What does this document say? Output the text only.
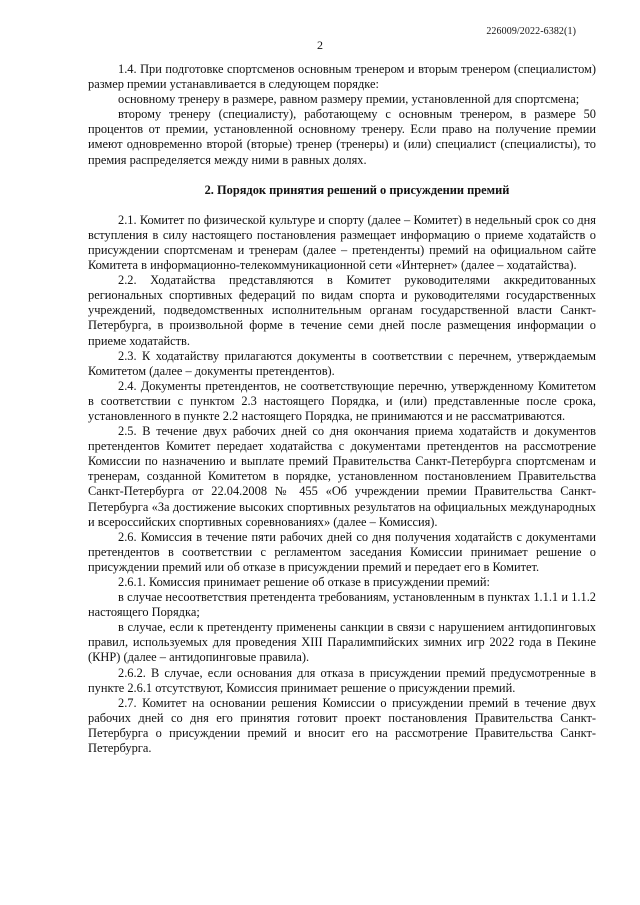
226009/2022-6382(1)
2

1.4. При подготовке спортсменов основным тренером и вторым тренером (специалистом) размер премии устанавливается в следующем порядке:

основному тренеру в размере, равном размеру премии, установленной для спортсмена;

второму тренеру (специалисту), работающему с основным тренером, в размере 50 процентов от премии, установленной основному тренеру. Если право на получение премии имеют одновременно второй (вторые) тренер (тренеры) и (или) специалист (специалисты), то премия распределяется между ними в равных долях.

2. Порядок принятия решений о присуждении премий

2.1. Комитет по физической культуре и спорту (далее – Комитет) в недельный срок со дня вступления в силу настоящего постановления размещает информацию о приеме ходатайств о присуждении спортсменам и тренерам (далее – претенденты) премий на официальном сайте Комитета в информационно-телекоммуникационной сети «Интернет» (далее – ходатайства).

2.2. Ходатайства представляются в Комитет руководителями аккредитованных региональных спортивных федераций по видам спорта и руководителями государственных учреждений, подведомственных исполнительным органам государственной власти Санкт-Петербурга, в произвольной форме в течение семи дней после размещения информации о приеме ходатайств.

2.3. К ходатайству прилагаются документы в соответствии с перечнем, утверждаемым Комитетом (далее – документы претендентов).

2.4. Документы претендентов, не соответствующие перечню, утвержденному Комитетом в соответствии с пунктом 2.3 настоящего Порядка, и (или) представленные после срока, установленного в пункте 2.2 настоящего Порядка, не принимаются и не рассматриваются.

2.5. В течение двух рабочих дней со дня окончания приема ходатайств и документов претендентов Комитет передает ходатайства с документами претендентов на рассмотрение Комиссии по назначению и выплате премий Правительства Санкт-Петербурга спортсменам и тренерам, созданной Комитетом в порядке, установленном постановлением Правительства Санкт-Петербурга от 22.04.2008 № 455 «Об учреждении премии Правительства Санкт-Петербурга «За достижение высоких спортивных результатов на официальных международных и всероссийских спортивных соревнованиях» (далее – Комиссия).

2.6. Комиссия в течение пяти рабочих дней со дня получения ходатайств с документами претендентов в соответствии с регламентом заседания Комиссии принимает решение о присуждении премий или об отказе в присуждении премий и передает его в Комитет.

2.6.1. Комиссия принимает решение об отказе в присуждении премий:

в случае несоответствия претендента требованиям, установленным в пунктах 1.1.1 и 1.1.2 настоящего Порядка;

в случае, если к претенденту применены санкции в связи с нарушением антидопинговых правил, используемых для проведения XIII Паралимпийских зимних игр 2022 года в Пекине (КНР) (далее – антидопинговые правила).

2.6.2. В случае, если основания для отказа в присуждении премий предусмотренные в пункте 2.6.1 отсутствуют, Комиссия принимает решение о присуждении премий.

2.7. Комитет на основании решения Комиссии о присуждении премий в течение двух рабочих дней со дня его принятия готовит проект постановления Правительства Санкт-Петербурга о присуждении премий и вносит его на рассмотрение Правительства Санкт-Петербурга.
